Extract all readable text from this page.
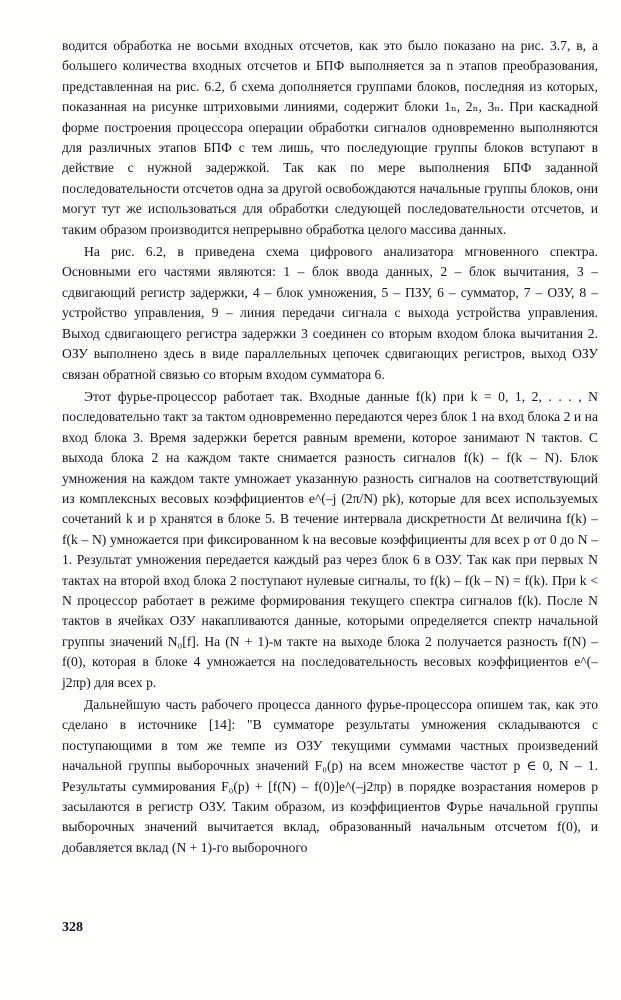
водится обработка не восьми входных отсчетов, как это было показано на рис. 3.7, в, а большего количества входных отсчетов и БПФ выполняется за n этапов преобразования, представленная на рис. 6.2, б схема дополняется группами блоков, последняя из которых, показанная на рисунке штриховыми линиями, содержит блоки 1ₙ, 2ₙ, 3ₙ. При каскадной форме построения процессора операции обработки сигналов одновременно выполняются для различных этапов БПФ с тем лишь, что последующие группы блоков вступают в действие с нужной задержкой. Так как по мере выполнения БПФ заданной последовательности отсчетов одна за другой освобождаются начальные группы блоков, они могут тут же использоваться для обработки следующей последовательности отсчетов, и таким образом производится непрерывно обработка целого массива данных.

На рис. 6.2, в приведена схема цифрового анализатора мгновенного спектра. Основными его частями являются: 1 – блок ввода данных, 2 – блок вычитания, 3 – сдвигающий регистр задержки, 4 – блок умножения, 5 – ПЗУ, 6 – сумматор, 7 – ОЗУ, 8 – устройство управления, 9 – линия передачи сигнала с выхода устройства управления. Выход сдвигающего регистра задержки 3 соединен со вторым входом блока вычитания 2. ОЗУ выполнено здесь в виде параллельных цепочек сдвигающих регистров, выход ОЗУ связан обратной связью со вторым входом сумматора 6.

Этот фурье-процессор работает так. Входные данные f(k) при k = 0, 1, 2, . . . , N последовательно такт за тактом одновременно передаются через блок 1 на вход блока 2 и на вход блока 3. Время задержки берется равным времени, которое занимают N тактов. С выхода блока 2 на каждом такте снимается разность сигналов f(k) – f(k – N). Блок умножения на каждом такте умножает указанную разность сигналов на соответствующий из комплексных весовых коэффициентов e^(–j (2π/N) pk), которые для всех используемых сочетаний k и p хранятся в блоке 5. В течение интервала дискретности Δt величина f(k) – f(k – N) умножается при фиксированном k на весовые коэффициенты для всех p от 0 до N – 1. Результат умножения передается каждый раз через блок 6 в ОЗУ. Так как при первых N тактах на второй вход блока 2 поступают нулевые сигналы, то f(k) – f(k – N) = f(k). При k < N процессор работает в режиме формирования текущего спектра сигналов f(k). После N тактов в ячейках ОЗУ накапливаются данные, которыми определяется спектр начальной группы значений N₀[f]. На (N + 1)-м такте на выходе блока 2 получается разность f(N) – f(0), которая в блоке 4 умножается на последовательность весовых коэффициентов e^(–j2πp) для всех p.

Дальнейшую часть рабочего процесса данного фурье-процессора опишем так, как это сделано в источнике [14]: "В сумматоре результаты умножения складываются с поступающими в том же темпе из ОЗУ текущими суммами частных произведений начальной группы выборочных значений F₀(p) на всем множестве частот p ∈ 0, N – 1. Результаты суммирования F₀(p) + [f(N) – f(0)]e^(–j2πp) в порядке возрастания номеров p засылаются в регистр ОЗУ. Таким образом, из коэффициентов Фурье начальной группы выборочных значений вычитается вклад, образованный начальным отсчетом f(0), и добавляется вклад (N + 1)-го выборочного

328
